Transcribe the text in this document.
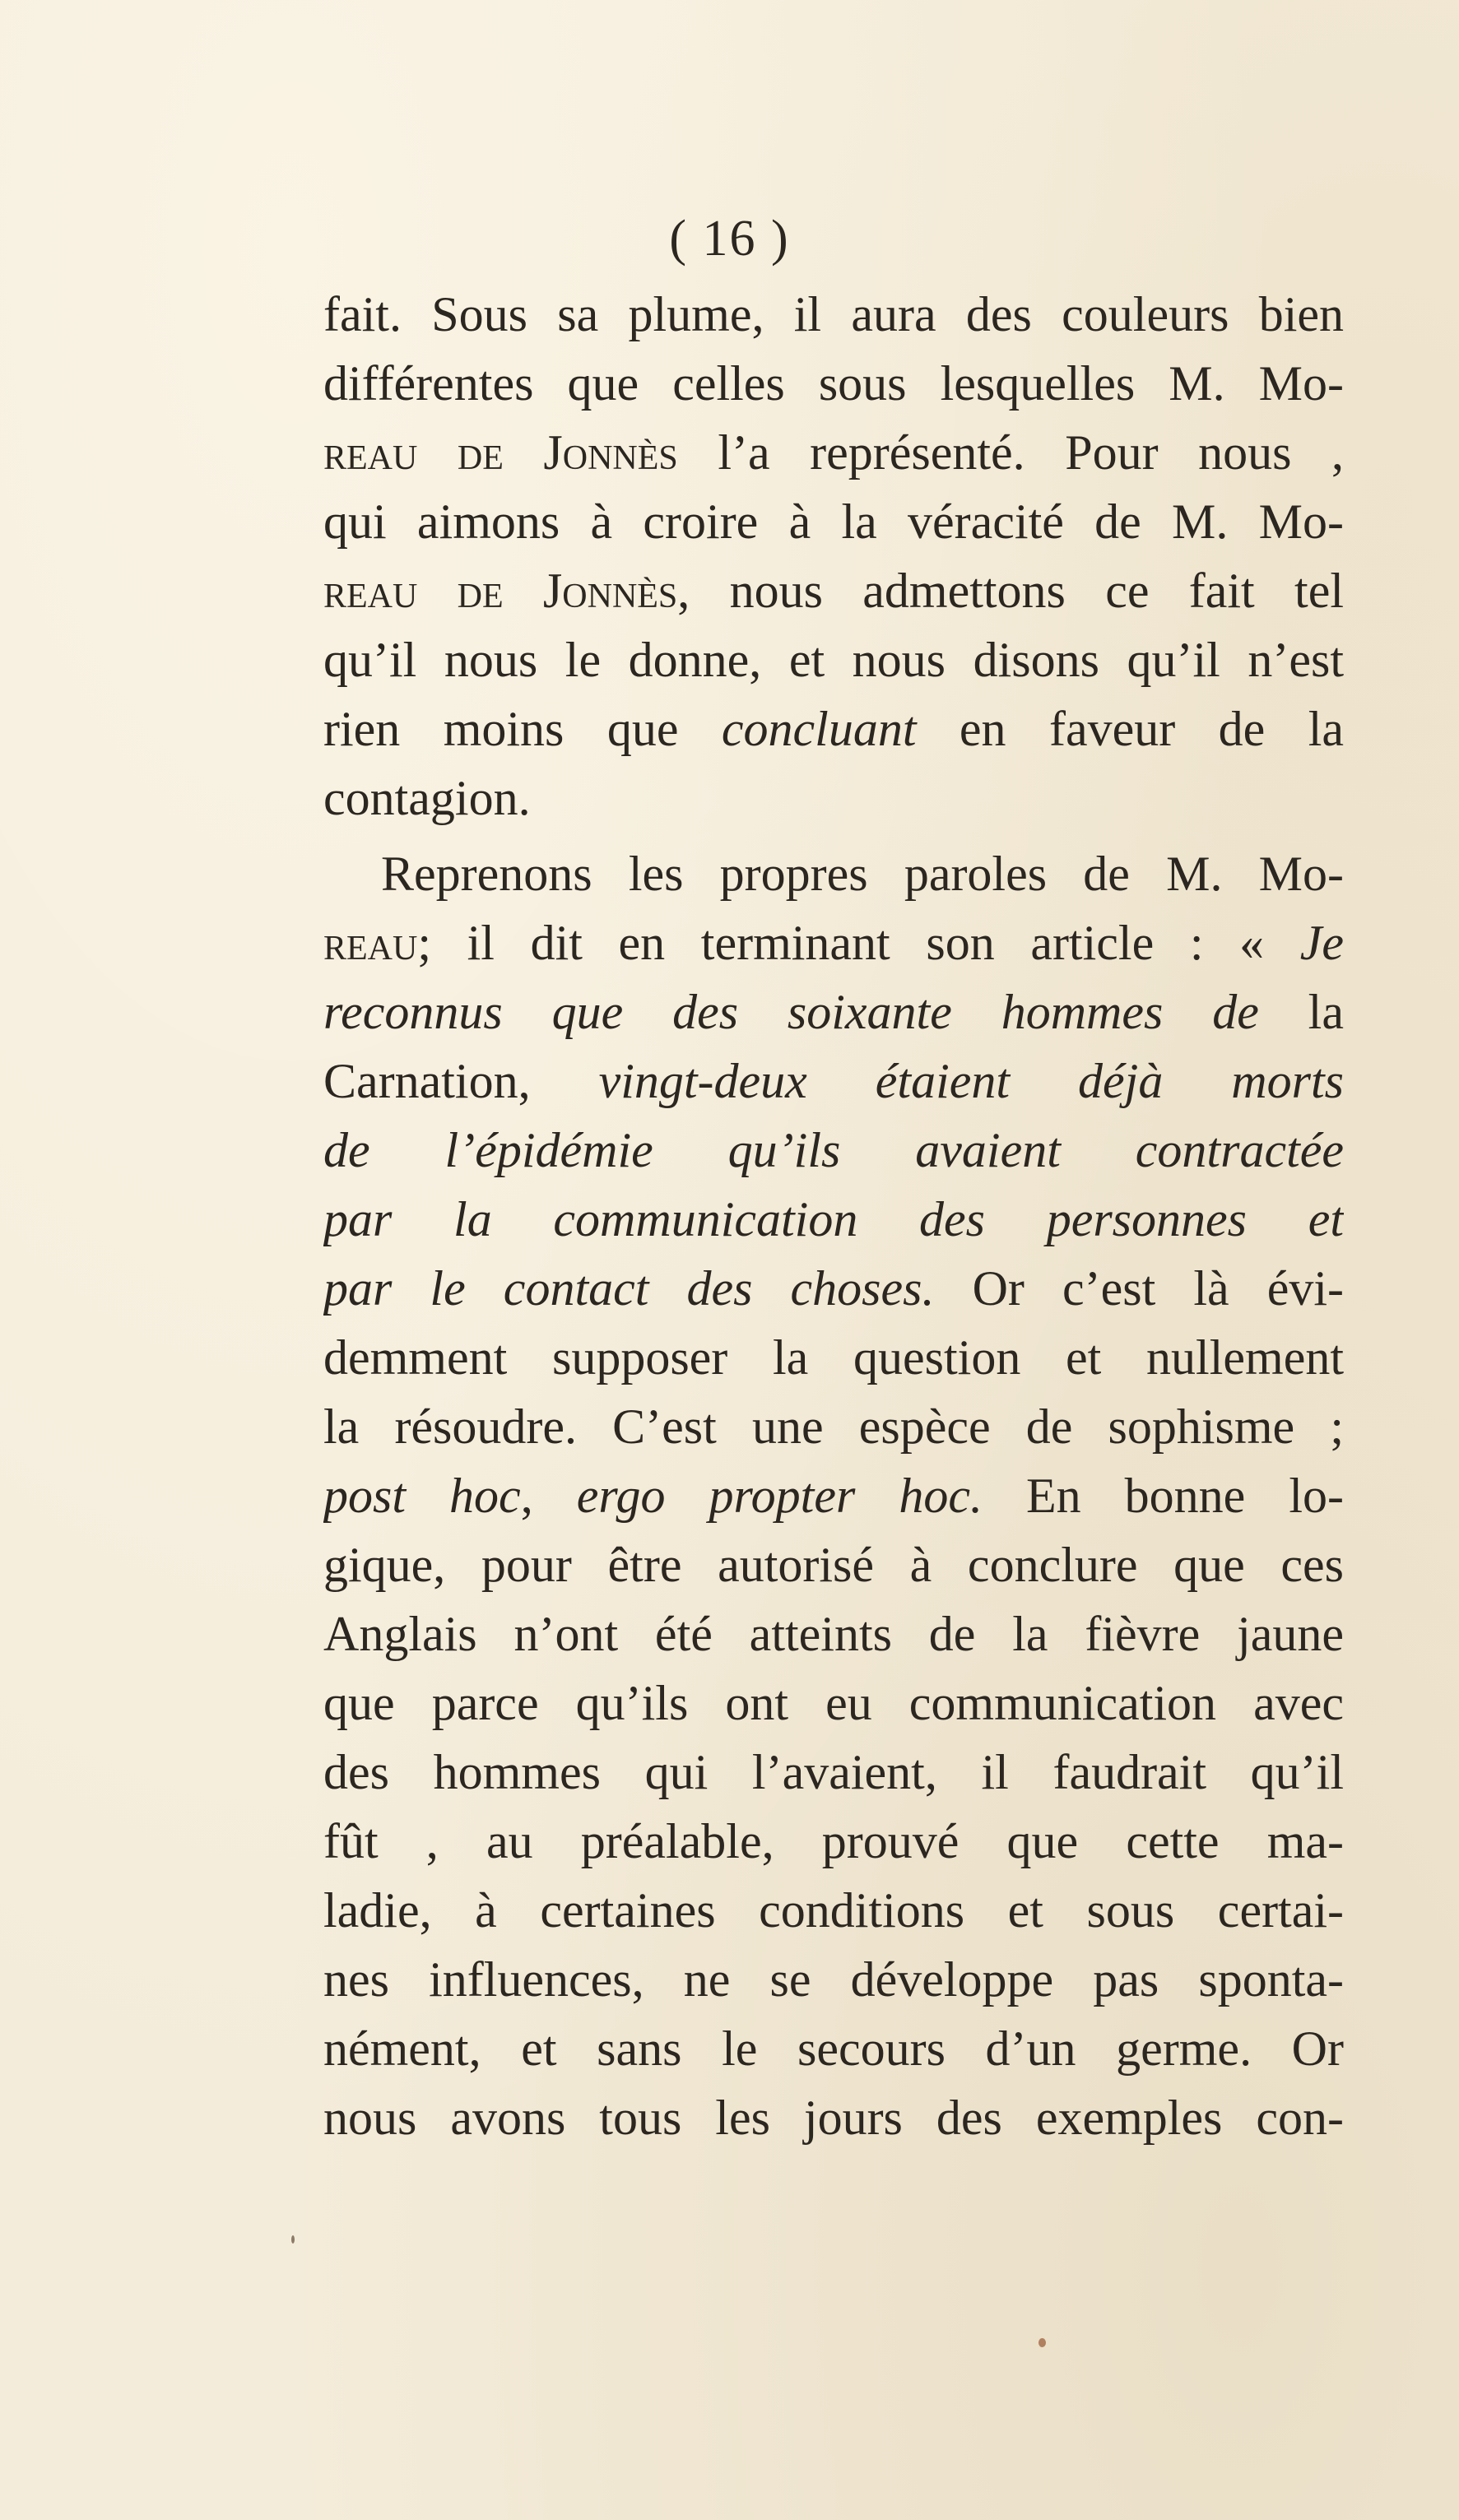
( 16 )
fait. Sous sa plume, il aura des couleurs bien
différentes que celles sous lesquelles M. Mo-
reau de Jonnès l’a représenté. Pour nous ,
qui aimons à croire à la véracité de M. Mo-
reau de Jonnès, nous admettons ce fait tel
qu’il nous le donne, et nous disons qu’il n’est
rien moins que concluant en faveur de la
contagion.
Reprenons les propres paroles de M. Mo-
reau; il dit en terminant son article : « Je
reconnus que des soixante hommes de la
Carnation, vingt-deux étaient déjà morts
de l’épidémie qu’ils avaient contractée
par la communication des personnes et
par le contact des choses. Or c’est là évi-
demment supposer la question et nullement
la résoudre. C’est une espèce de sophisme ;
post hoc, ergo propter hoc. En bonne lo-
gique, pour être autorisé à conclure que ces
Anglais n’ont été atteints de la fièvre jaune
que parce qu’ils ont eu communication avec
des hommes qui l’avaient, il faudrait qu’il
fût , au préalable, prouvé que cette ma-
ladie, à certaines conditions et sous certai-
nes influences, ne se développe pas sponta-
nément, et sans le secours d’un germe. Or
nous avons tous les jours des exemples con-
